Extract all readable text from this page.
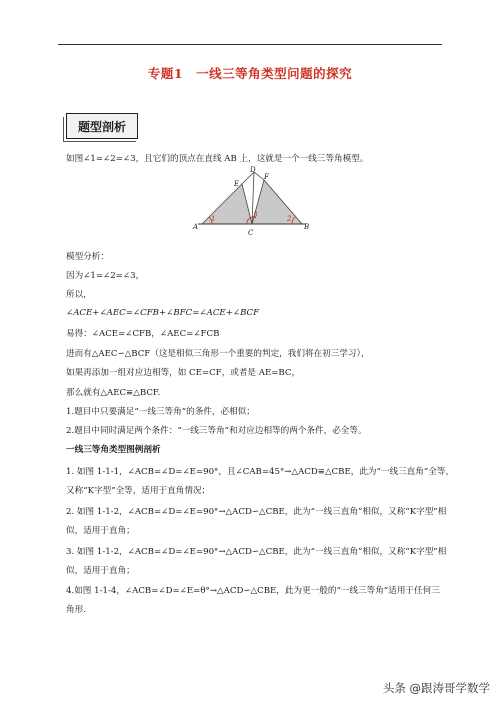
专题1　一线三等角类型问题的探究
题型剖析
如图∠1=∠2=∠3，且它们的顶点在直线 AB 上，这就是一个一线三等角模型。
A	B
C
D
E
F
1	3	2
模型分析：
因为∠1=∠2=∠3，
所以，
∠ACE+∠AEC=∠CFB+∠BFC=∠ACE+∠BCF
易得：∠ACE=∠CFB，∠AEC=∠FCB
进而有△AEC∽△BCF（这是相似三角形一个重要的判定，我们将在初三学习），
如果再添加一组对应边相等，如 CE=CF，或者是 AE=BC，
那么就有△AEC≌△BCF.
1.题目中只要满足“一线三等角”的条件，必相似；
2.题目中同时满足两个条件：“一线三等角”和对应边相等的两个条件，必全等。
一线三等角类型图例剖析
1. 如图 1-1-1，∠ACB=∠D=∠E=90°，且∠CAB=45°→△ACD≌△CBE，此为“一线三直角”全等，
又称“K字型”全等，适用于直角情况；
2. 如图 1-1-2，∠ACB=∠D=∠E=90°→△ACD∽△CBE，此为“一线三直角”相似，又称“K字型”相
似，适用于直角；
3. 如图 1-1-2，∠ACB=∠D=∠E=90°→△ACD∽△CBE，此为“一线三直角”相似，又称“K字型”相
似，适用于直角；
4.如图 1-1-4，∠ACB=∠D=∠E=θ°→△ACD∽△CBE，此为更一般的“一线三等角”适用于任何三
角形.
头条 @跟涛哥学数学
